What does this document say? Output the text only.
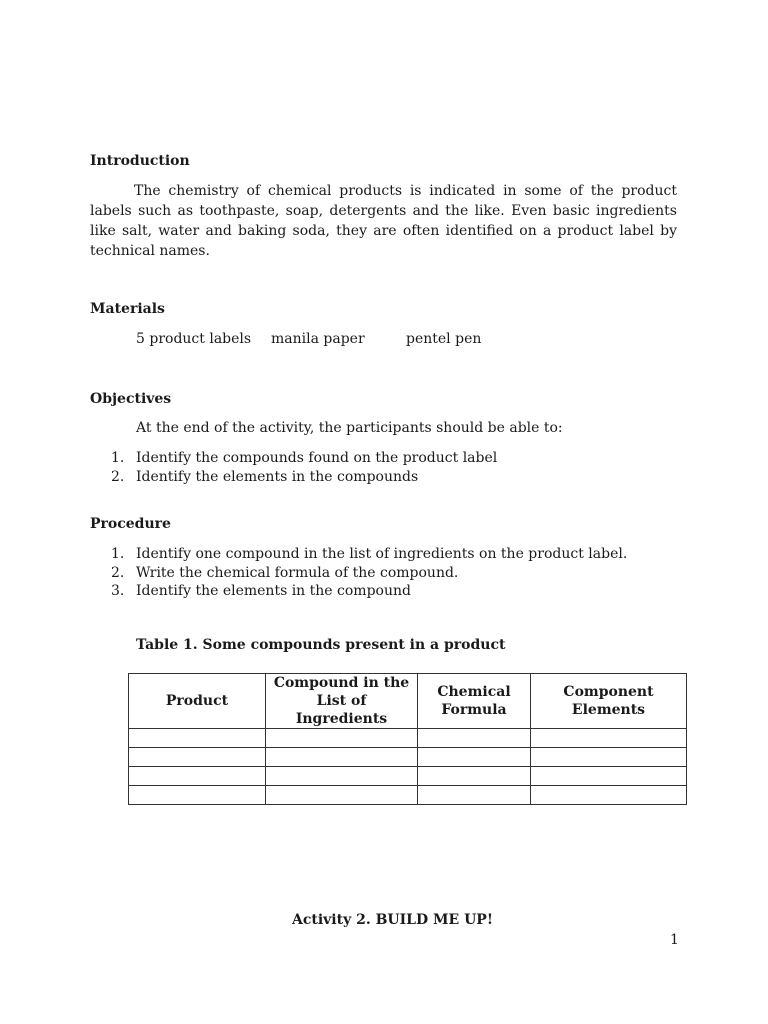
Introduction
The chemistry of chemical products is indicated in some of the product labels such as toothpaste, soap, detergents and the like. Even basic ingredients like salt, water and baking soda, they are often identified on a product label by technical names.
Materials
5 product labels manila paper	pentel pen
Objectives
At the end of the activity, the participants should be able to:
1. Identify the compounds found on the product label
2. Identify the elements in the compounds
Procedure
1. Identify one compound in the list of ingredients on the product label.
2. Write the chemical formula of the compound.
3. Identify the elements in the compound
Table 1. Some compounds present in a product
Product	Compound in the List of Ingredients	Chemical Formula	Component Elements

Activity 2. BUILD ME UP!
1
